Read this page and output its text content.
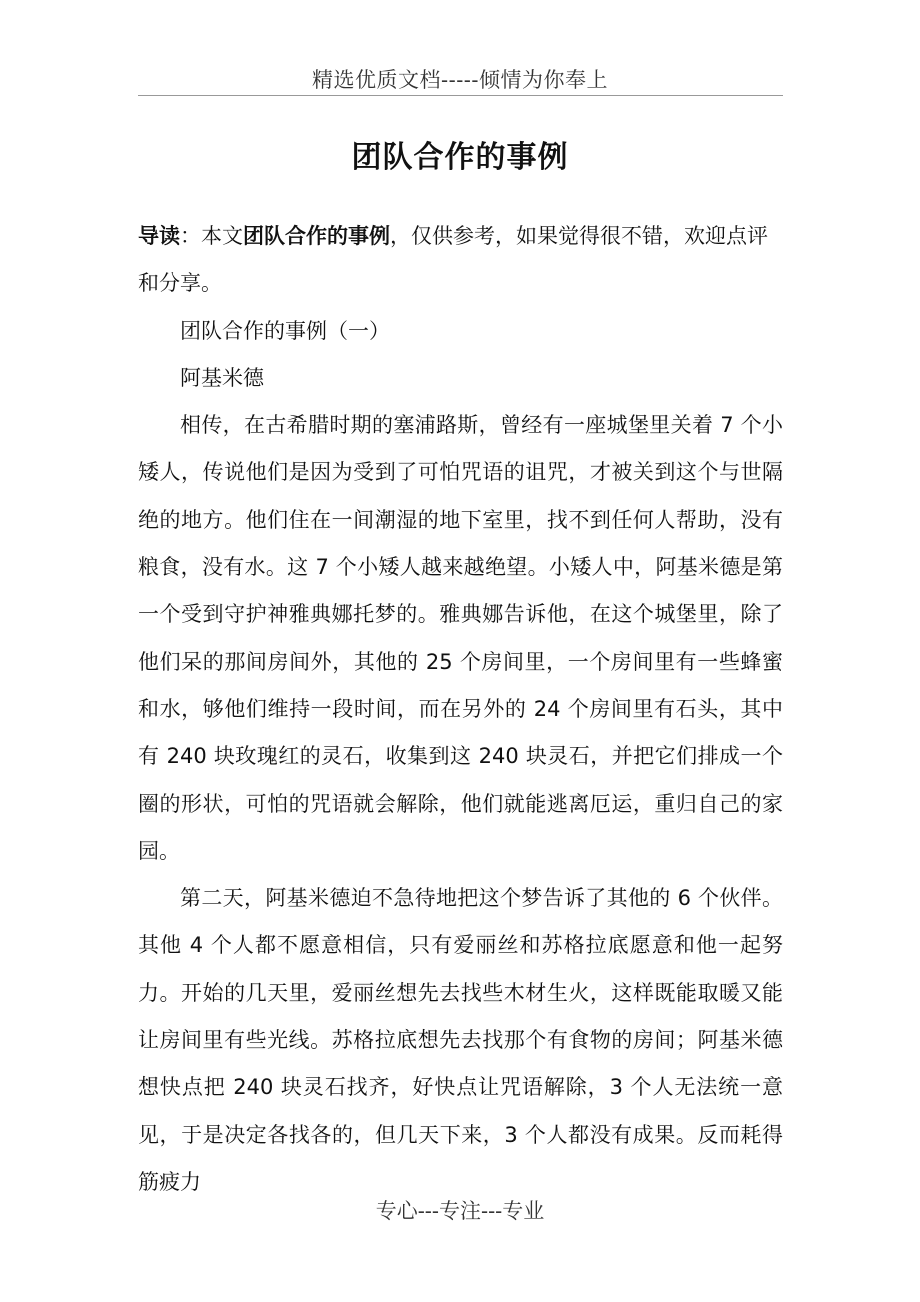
精选优质文档-----倾情为你奉上
团队合作的事例

导读：本文团队合作的事例，仅供参考，如果觉得很不错，欢迎点评和分享。

团队合作的事例（一）

阿基米德

相传，在古希腊时期的塞浦路斯，曾经有一座城堡里关着 7 个小矮人，传说他们是因为受到了可怕咒语的诅咒，才被关到这个与世隔绝的地方。他们住在一间潮湿的地下室里，找不到任何人帮助，没有粮食，没有水。这 7 个小矮人越来越绝望。小矮人中，阿基米德是第一个受到守护神雅典娜托梦的。雅典娜告诉他，在这个城堡里，除了他们呆的那间房间外，其他的 25 个房间里，一个房间里有一些蜂蜜和水，够他们维持一段时间，而在另外的 24 个房间里有石头，其中有 240 块玫瑰红的灵石，收集到这 240 块灵石，并把它们排成一个圈的形状，可怕的咒语就会解除，他们就能逃离厄运，重归自己的家园。

第二天，阿基米德迫不急待地把这个梦告诉了其他的 6 个伙伴。其他 4 个人都不愿意相信，只有爱丽丝和苏格拉底愿意和他一起努力。开始的几天里，爱丽丝想先去找些木材生火，这样既能取暖又能让房间里有些光线。苏格拉底想先去找那个有食物的房间；阿基米德想快点把 240 块灵石找齐，好快点让咒语解除，3 个人无法统一意见，于是决定各找各的，但几天下来，3 个人都没有成果。反而耗得筋疲力

专心---专注---专业
